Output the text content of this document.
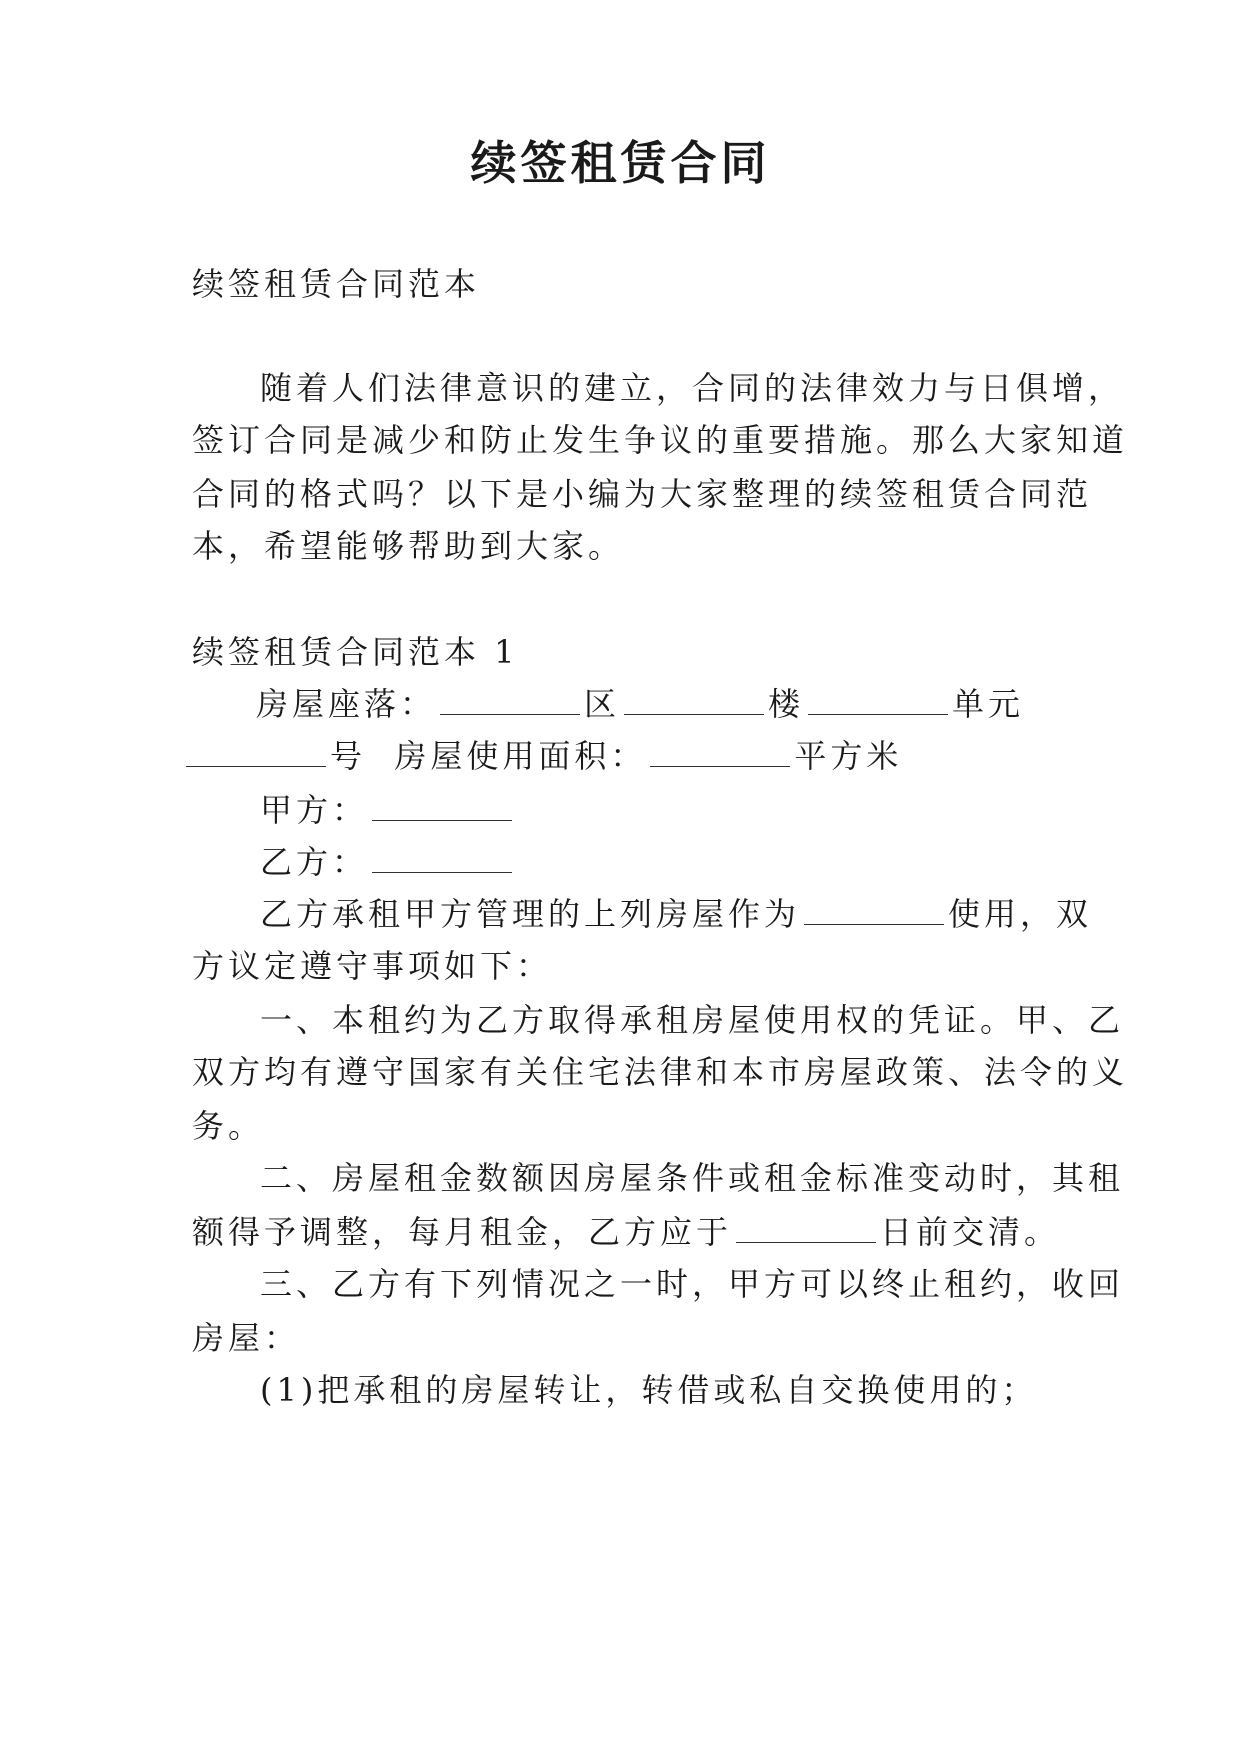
续签租赁合同
续签租赁合同范本
随着人们法律意识的建立，合同的法律效力与日俱增，
签订合同是减少和防止发生争议的重要措施。那么大家知道
合同的格式吗？以下是小编为大家整理的续签租赁合同范
本，希望能够帮助到大家。
续签租赁合同范本 1
房屋座落：	区	楼	单元
号 房屋使用面积：	平方米
甲方：
乙方：
乙方承租甲方管理的上列房屋作为	使用，双
方议定遵守事项如下：
一、本租约为乙方取得承租房屋使用权的凭证。甲、乙
双方均有遵守国家有关住宅法律和本市房屋政策、法令的义
务。
二、房屋租金数额因房屋条件或租金标准变动时，其租
额得予调整，每月租金，乙方应于	日前交清。
三、乙方有下列情况之一时，甲方可以终止租约，收回
房屋：
(1)把承租的房屋转让，转借或私自交换使用的；
